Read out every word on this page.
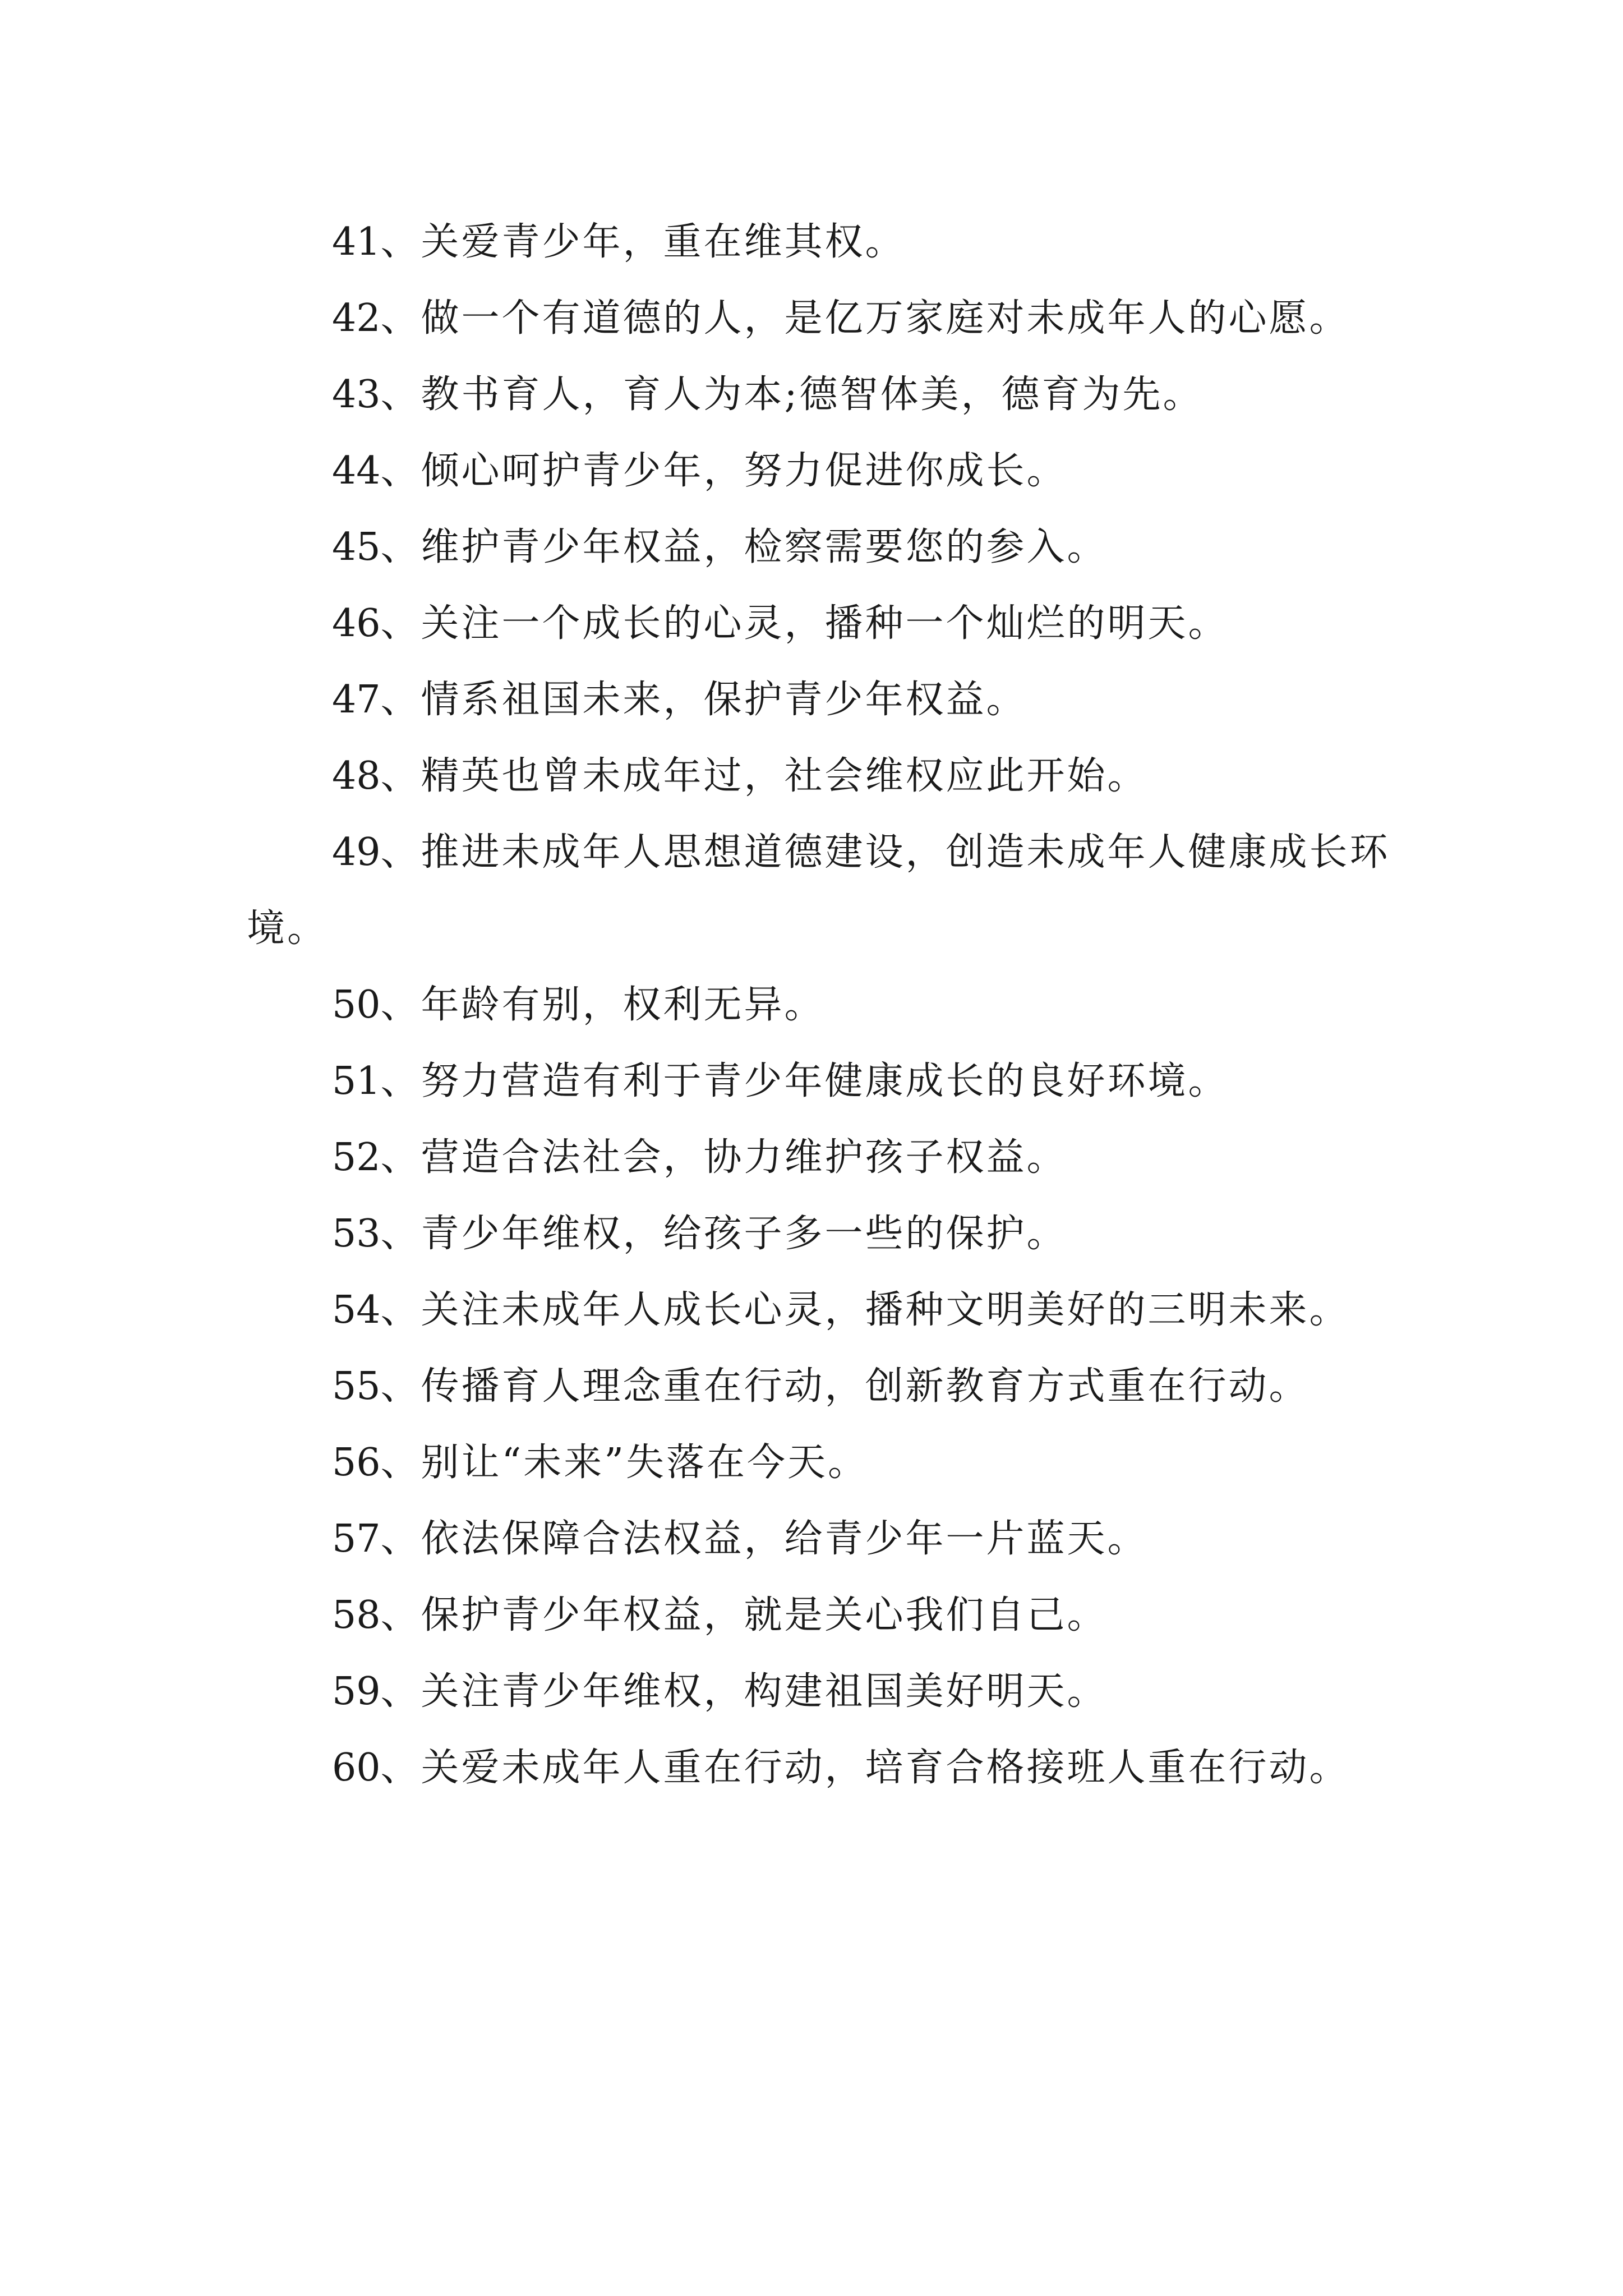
41、关爱青少年，重在维其权。

42、做一个有道德的人，是亿万家庭对未成年人的心愿。

43、教书育人，育人为本;德智体美，德育为先。

44、倾心呵护青少年，努力促进你成长。

45、维护青少年权益，检察需要您的参入。

46、关注一个成长的心灵，播种一个灿烂的明天。

47、情系祖国未来，保护青少年权益。

48、精英也曾未成年过，社会维权应此开始。

49、推进未成年人思想道德建设，创造未成年人健康成长环境。

50、年龄有别，权利无异。

51、努力营造有利于青少年健康成长的良好环境。

52、营造合法社会，协力维护孩子权益。

53、青少年维权，给孩子多一些的保护。

54、关注未成年人成长心灵，播种文明美好的三明未来。

55、传播育人理念重在行动，创新教育方式重在行动。

56、别让“未来”失落在今天。

57、依法保障合法权益，给青少年一片蓝天。

58、保护青少年权益，就是关心我们自己。

59、关注青少年维权，构建祖国美好明天。

60、关爱未成年人重在行动，培育合格接班人重在行动。
